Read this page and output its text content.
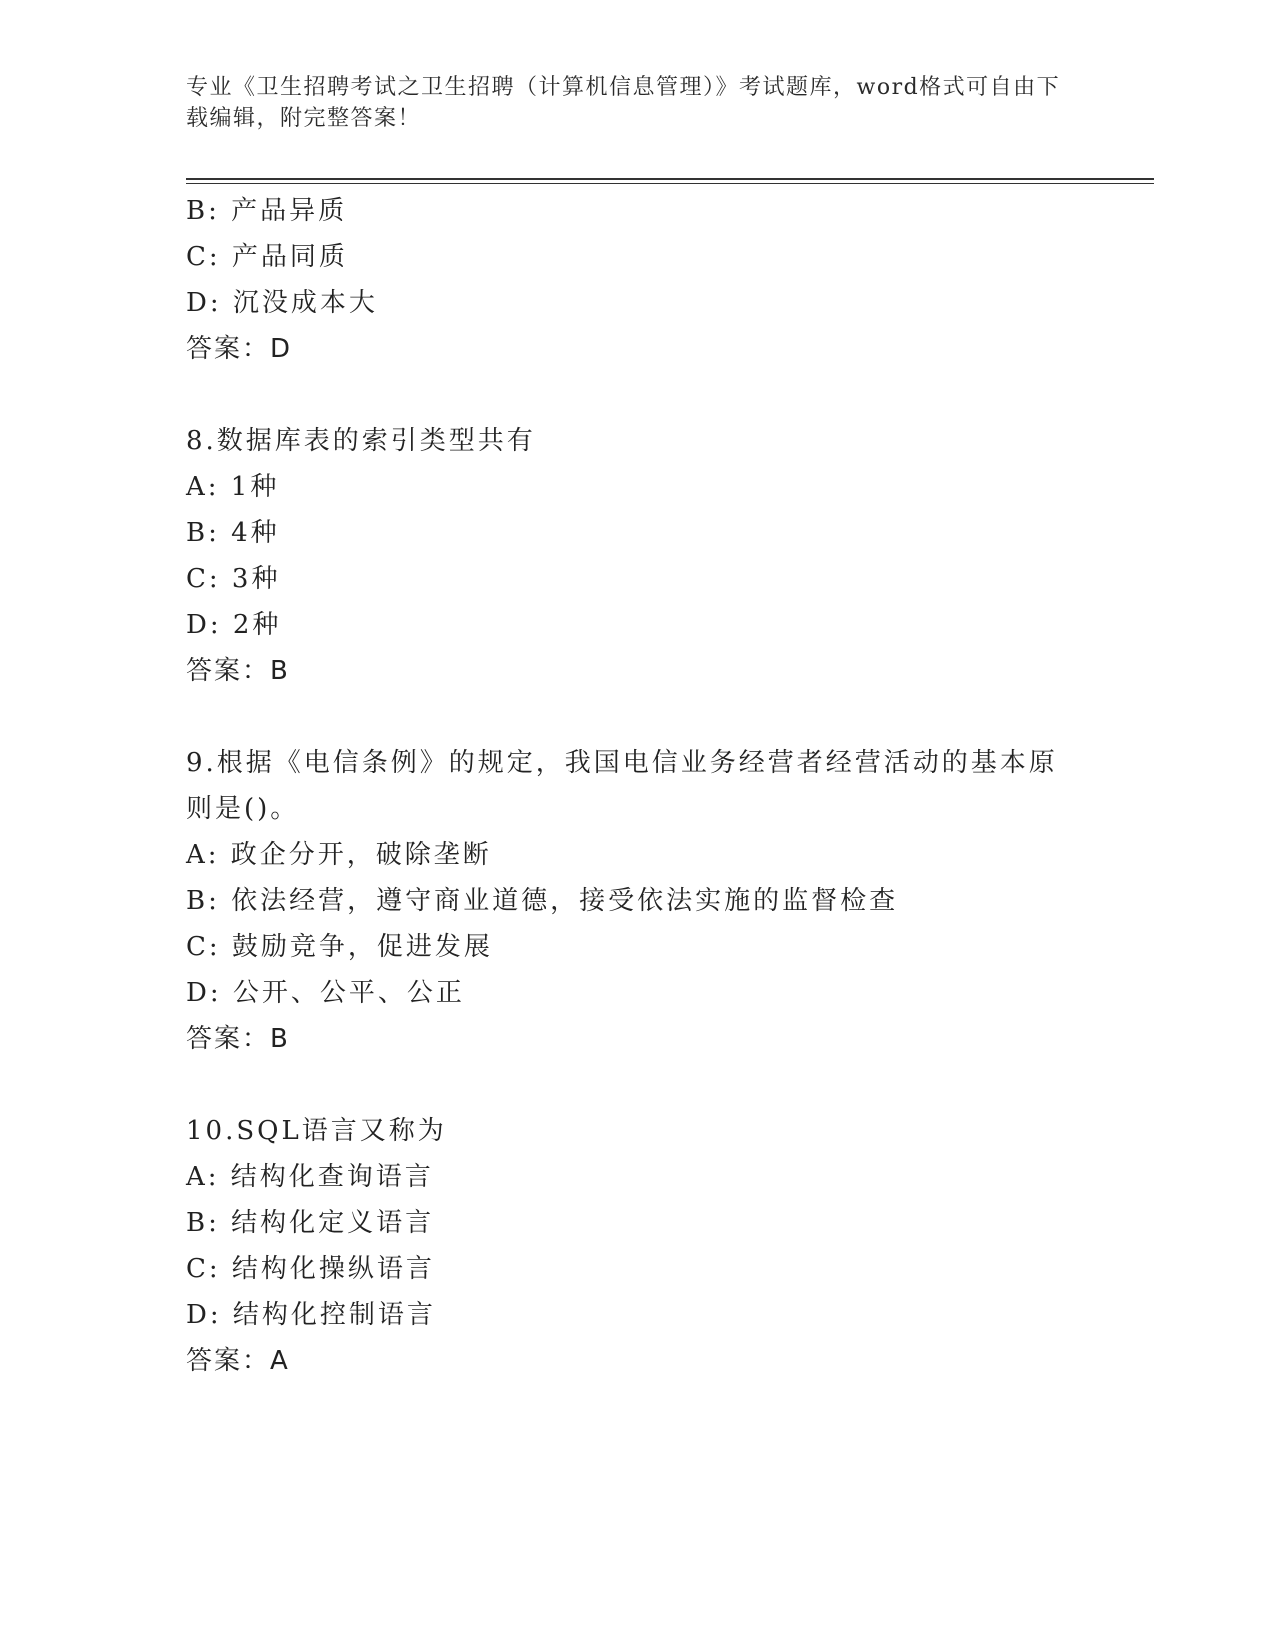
专业《卫生招聘考试之卫生招聘（计算机信息管理）》考试题库，word格式可自由下载编辑，附完整答案！
B: 产品异质
C: 产品同质
D: 沉没成本大
答案：D
8.数据库表的索引类型共有
A: 1种
B: 4种
C: 3种
D: 2种
答案：B
9.根据《电信条例》的规定，我国电信业务经营者经营活动的基本原则是()。
A: 政企分开，破除垄断
B: 依法经营，遵守商业道德，接受依法实施的监督检查
C: 鼓励竞争，促进发展
D: 公开、公平、公正
答案：B
10.SQL语言又称为
A: 结构化查询语言
B: 结构化定义语言
C: 结构化操纵语言
D: 结构化控制语言
答案：A
